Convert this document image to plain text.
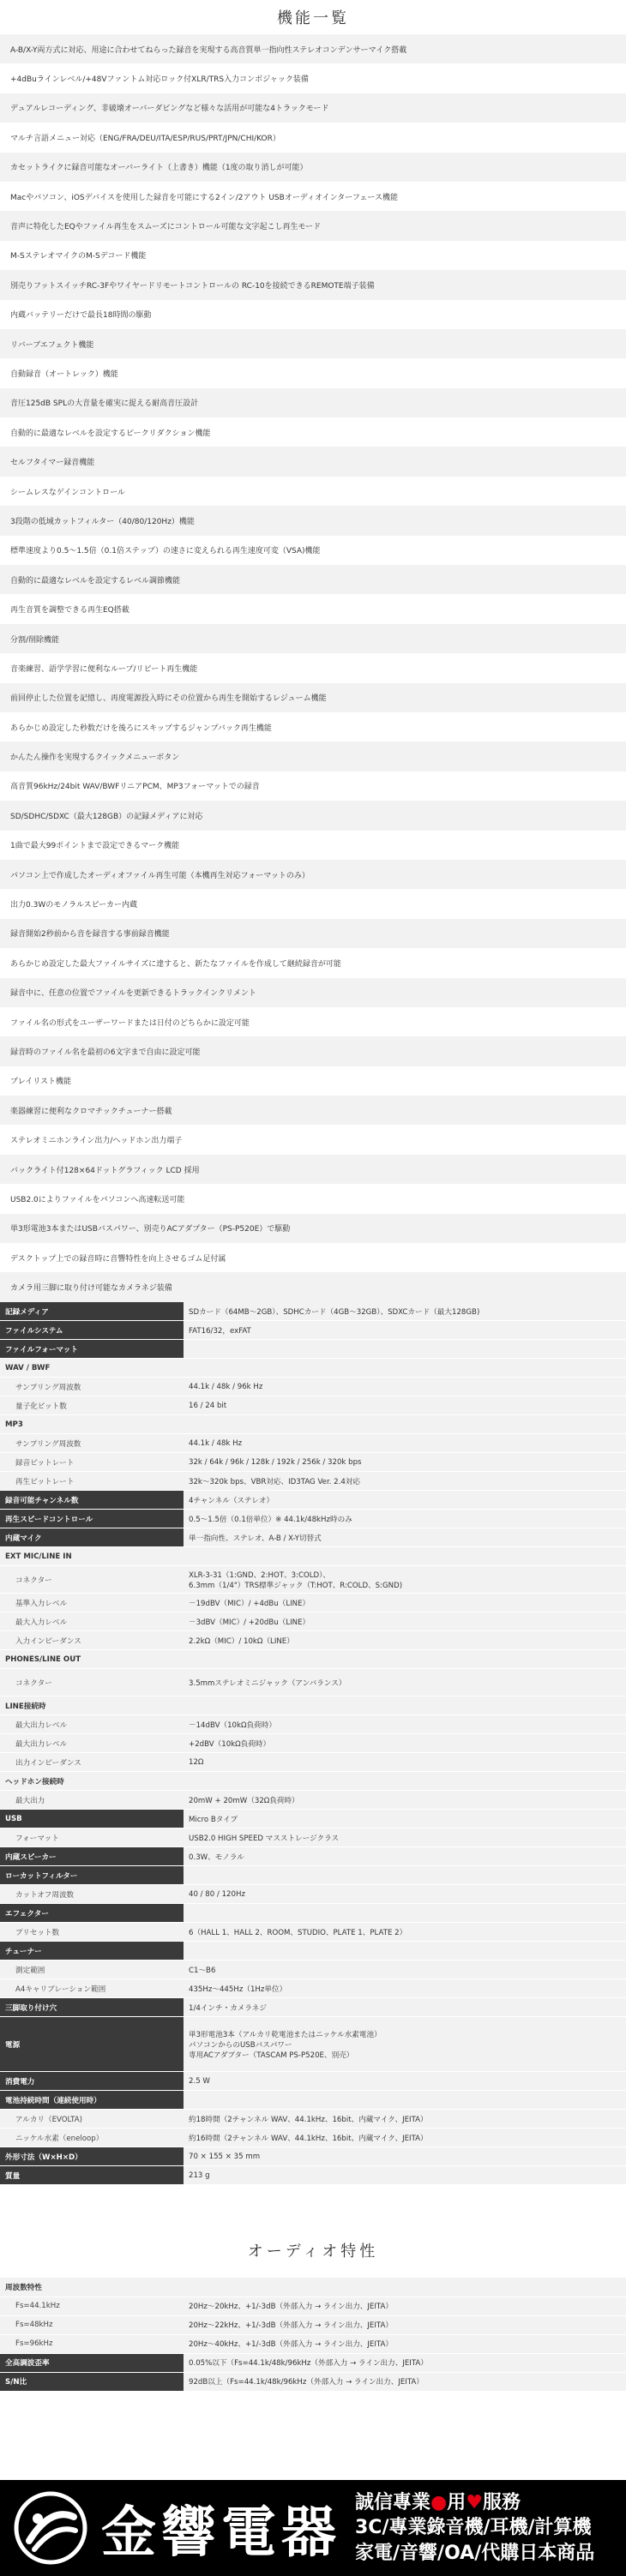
機能一覧
A-B/X-Y両方式に対応、用途に合わせてねらった録音を実現する高音質単一指向性ステレオコンデンサーマイク搭載
+4dBuラインレベル/+48Vファントム対応ロック付XLR/TRS入力コンボジャック装備
デュアルレコーディング、非破壊オーバーダビングなど様々な活用が可能な4トラックモード
マルチ言語メニュー対応（ENG/FRA/DEU/ITA/ESP/RUS/PRT/JPN/CHI/KOR）
カセットライクに録音可能なオーバーライト（上書き）機能（1度の取り消しが可能）
Macやパソコン、iOSデバイスを使用した録音を可能にする2イン/2アウト USBオーディオインターフェース機能
音声に特化したEQやファイル再生をスムーズにコントロール可能な文字起こし再生モード
M-SステレオマイクのM-Sデコード機能
別売りフットスイッチRC-3Fやワイヤードリモートコントロールの RC-10を接続できるREMOTE端子装備
内蔵バッテリーだけで最長18時間の駆動
リバーブエフェクト機能
自動録音（オートレック）機能
音圧125dB SPLの大音量を確実に捉える耐高音圧設計
自動的に最適なレベルを設定するピークリダクション機能
セルフタイマー録音機能
シームレスなゲインコントロール
3段階の低域カットフィルター（40/80/120Hz）機能
標準速度より0.5～1.5倍（0.1倍ステップ）の速さに変えられる再生速度可変（VSA)機能
自動的に最適なレベルを設定するレベル調節機能
再生音質を調整できる再生EQ搭載
分割/削除機能
音楽練習、語学学習に便利なループ/リピート再生機能
前回停止した位置を記憶し、再度電源投入時にその位置から再生を開始するレジューム機能
あらかじめ設定した秒数だけを後ろにスキップするジャンプバック再生機能
かんたん操作を実現するクイックメニューボタン
高音質96kHz/24bit WAV/BWFリニアPCM、MP3フォーマットでの録音
SD/SDHC/SDXC（最大128GB）の記録メディアに対応
1曲で最大99ポイントまで設定できるマーク機能
パソコン上で作成したオーディオファイル再生可能（本機再生対応フォーマットのみ）
出力0.3Wのモノラルスピーカー内蔵
録音開始2秒前から音を録音する事前録音機能
あらかじめ設定した最大ファイルサイズに達すると、新たなファイルを作成して継続録音が可能
録音中に、任意の位置でファイルを更新できるトラックインクリメント
ファイル名の形式をユーザーワードまたは日付のどちらかに設定可能
録音時のファイル名を最初の6文字まで自由に設定可能
プレイリスト機能
楽器練習に便利なクロマチックチューナー搭載
ステレオミニホンライン出力/ヘッドホン出力端子
バックライト付128×64ドットグラフィック LCD 採用
USB2.0によりファイルをパソコンへ高速転送可能
単3形電池3本またはUSBバスパワー、別売りACアダプター（PS-P520E）で駆動
デスクトップ上での録音時に音響特性を向上させるゴム足付属
カメラ用三脚に取り付け可能なカメラネジ装備
記録メディア	SDカード（64MB～2GB）、SDHCカード（4GB～32GB）、SDXCカード（最大128GB)
ファイルシステム	FAT16/32，exFAT
ファイルフォーマット	
WAV / BWF	
サンプリング周波数	44.1k / 48k / 96k Hz
量子化ビット数	16 / 24 bit
MP3	
サンプリング周波数	44.1k / 48k Hz
録音ビットレート	32k / 64k / 96k / 128k / 192k / 256k / 320k bps
再生ビットレート	32k～320k bps、VBR対応、ID3TAG Ver. 2.4対応
録音可能チャンネル数	4チャンネル（ステレオ）
再生スピードコントロール	0.5～1.5倍（0.1倍単位）※ 44.1k/48kHz時のみ
内蔵マイク	単一指向性、ステレオ、A-B / X-Y切替式
EXT MIC/LINE IN	
コネクター	XLR-3-31（1:GND、2:HOT、3:COLD）、
6.3mm（1/4"）TRS標準ジャック（T:HOT、R:COLD、S:GND)
基準入力レベル	－19dBV（MIC）/ +4dBu（LINE）
最大入力レベル	－3dBV（MIC）/ +20dBu（LINE）
入力インピーダンス	2.2kΩ（MIC）/ 10kΩ（LINE）
PHONES/LINE OUT	
コネクター	3.5mmステレオミニジャック（アンバランス）
LINE接続時	
最大出力レベル	－14dBV（10kΩ負荷時）
最大出力レベル	+2dBV（10kΩ負荷時）
出力インピーダンス	12Ω
ヘッドホン接続時	
最大出力	20mW + 20mW（32Ω負荷時）
USB	Micro Bタイプ
フォーマット	USB2.0 HIGH SPEED マスストレージクラス
内蔵スピーカー	0.3W、モノラル
ローカットフィルター	
カットオフ周波数	40 / 80 / 120Hz
エフェクター	
プリセット数	6（HALL 1、HALL 2、ROOM、STUDIO、PLATE 1、PLATE 2）
チューナー	
測定範囲	C1～B6
A4キャリブレーション範囲	435Hz～445Hz（1Hz単位）
三脚取り付け穴	1/4インチ・カメラネジ
電源	単3形電池3本（アルカリ乾電池またはニッケル水素電池）
パソコンからのUSBバスパワー
専用ACアダプター（TASCAM PS-P520E、別売）
消費電力	2.5 W
電池持続時間（連続使用時）	
アルカリ（EVOLTA)	約18時間（2チャンネル WAV、44.1kHz、16bit、内蔵マイク、JEITA）
ニッケル水素（eneloop）	約16時間（2チャンネル WAV、44.1kHz、16bit、内蔵マイク、JEITA）
外形寸法（W×H×D）	70 × 155 × 35 mm
質量	213 g
オーディオ特性
周波数特性	
Fs=44.1kHz	20Hz～20kHz、+1/-3dB（外部入力 → ライン出力、JEITA）
Fs=48kHz	20Hz～22kHz、+1/-3dB（外部入力 → ライン出力、JEITA）
Fs=96kHz	20Hz～40kHz、+1/-3dB（外部入力 → ライン出力、JEITA）
全高調波歪率	0.05%以下（Fs=44.1k/48k/96kHz（外部入力 → ライン出力、JEITA）
S/N比	92dB以上（Fs=44.1k/48k/96kHz（外部入力 → ライン出力、JEITA）
金響電器 誠信專業●用♥服務
3C/專業錄音機/耳機/計算機
家電/音響/OA/代購日本商品
